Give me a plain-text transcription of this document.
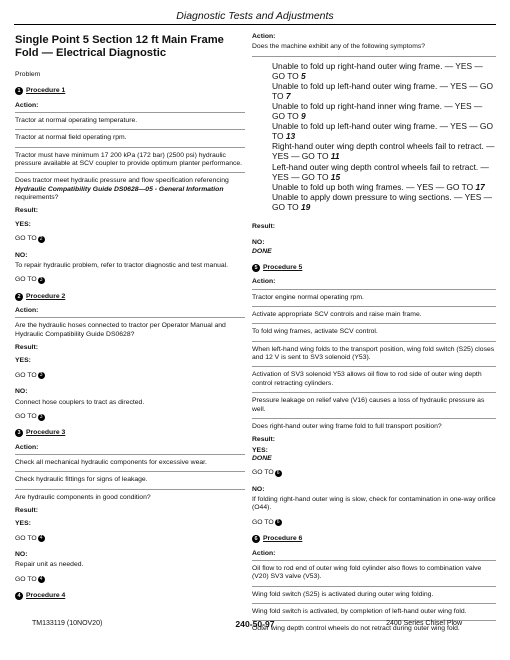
Diagnostic Tests and Adjustments
Single Point 5 Section 12 ft Main Frame Fold — Electrical Diagnostic
Problem
1 Procedure 1
Action:
Tractor at normal operating temperature.
Tractor at normal field operating rpm.
Tractor must have minimum 17 200 kPa (172 bar) (2500 psi) hydraulic pressure available at SCV coupler to provide optimum planter performance.
Does tractor meet hydraulic pressure and flow specification referencing Hydraulic Compatibility Guide DS0628—05 - General Information requirements?
Result:
YES:
GO TO 2
NO:
To repair hydraulic problem, refer to tractor diagnostic and test manual.
GO TO 3
2 Procedure 2
Action:
Are the hydraulic hoses connected to tractor per Operator Manual and Hydraulic Compatibility Guide DS0628?
Result:
YES:
GO TO 3
NO:
Connect hose couplers to tract as directed.
GO TO 3
3 Procedure 3
Action:
Check all mechanical hydraulic components for excessive wear.
Check hydraulic fittings for signs of leakage.
Are hydraulic components in good condition?
Result:
YES:
GO TO 4
NO:
Repair unit as needed.
GO TO 4
4 Procedure 4
Action:
Does the machine exhibit any of the following symptoms?
Unable to fold up right-hand outer wing frame. — YES — GO TO 5
Unable to fold up left-hand outer wing frame. — YES — GO TO 7
Unable to fold up right-hand inner wing frame. — YES — GO TO 9
Unable to fold up left-hand outer wing frame. — YES — GO TO 13
Right-hand outer wing depth control wheels fail to retract. —YES — GO TO 11
Left-hand outer wing depth control wheels fail to retract. — YES — GO TO 15
Unable to fold up both wing frames. — YES — GO TO 17
Unable to apply down pressure to wing sections. — YES — GO TO 19
Result:
NO:
DONE
5 Procedure 5
Action:
Tractor engine normal operating rpm.
Activate appropriate SCV controls and raise main frame.
To fold wing frames, activate SCV control.
When left-hand wing folds to the transport position, wing fold switch (S25) closes and 12 V is sent to SV3 solenoid (Y53).
Activation of SV3 solenoid Y53 allows oil flow to rod side of outer wing depth control retracting cylinders.
Pressure leakage on relief valve (V16) causes a loss of hydraulic pressure as well.
Does right-hand outer wing frame fold to full transport position?
Result:
YES:
DONE
GO TO 6
NO:
If folding right-hand outer wing is slow, check for contamination in one-way orifice (O44).
GO TO 6
6 Procedure 6
Action:
Oil flow to rod end of outer wing fold cylinder also flows to combination valve (V20) SV3 valve (V53).
Wing fold switch (S25) is activated during outer wing folding.
Wing fold switch is activated, by completion of left-hand outer wing fold.
Outer wing depth control wheels do not retract during outer wing fold.
TM133119 (10NOV20)	240-50-97	2400 Series Chisel Plow
